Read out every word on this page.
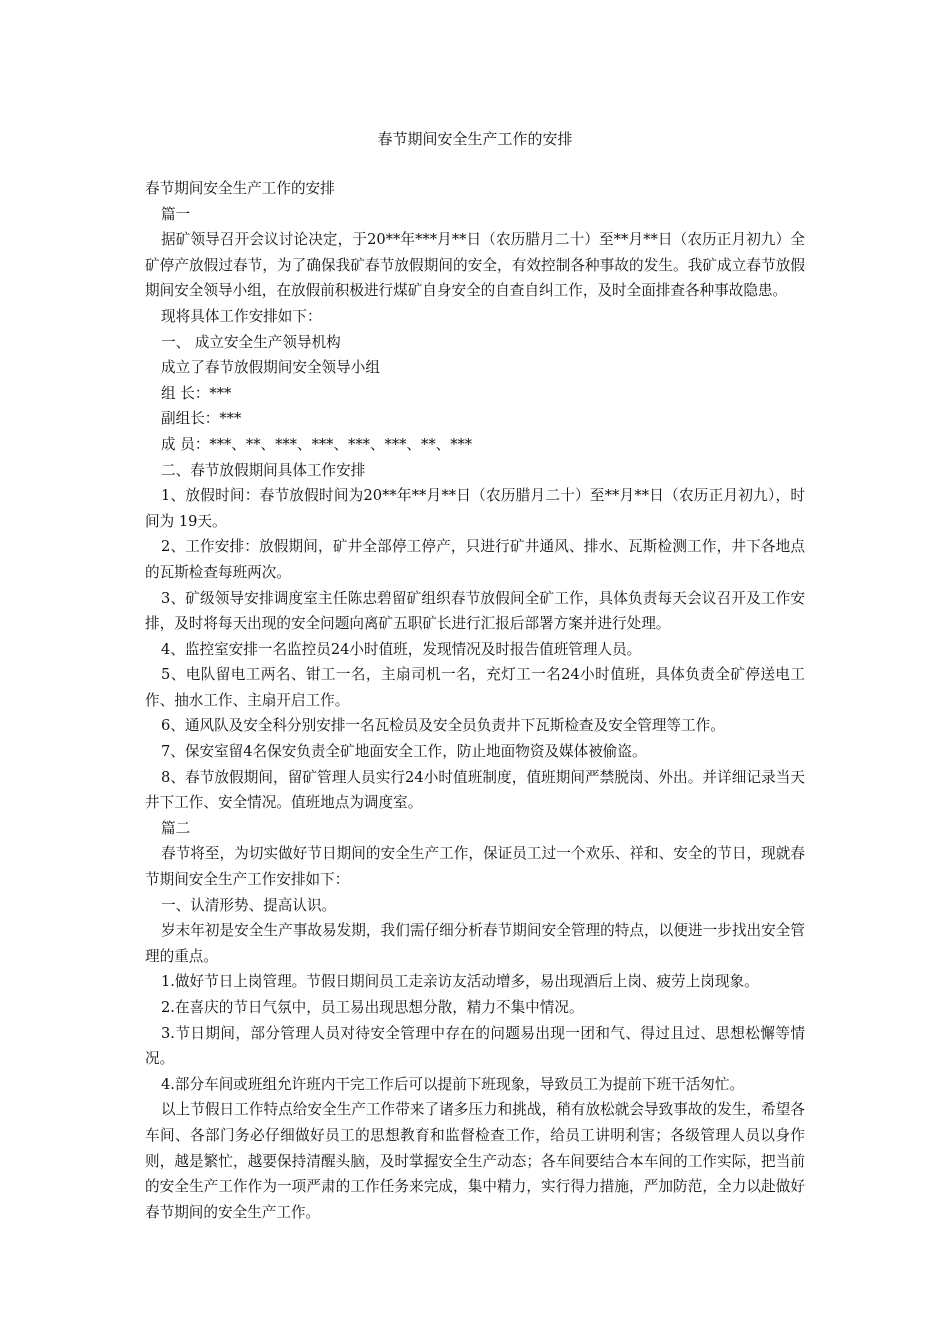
春节期间安全生产工作的安排

春节期间安全生产工作的安排

篇一

据矿领导召开会议讨论决定，于20**年***月**日（农历腊月二十）至**月**日（农历正月初九）全矿停产放假过春节，为了确保我矿春节放假期间的安全，有效控制各种事故的发生。我矿成立春节放假期间安全领导小组，在放假前积极进行煤矿自身安全的自查自纠工作，及时全面排查各种事故隐患。

现将具体工作安排如下：

一、 成立安全生产领导机构

成立了春节放假期间安全领导小组

组 长：***

副组长：***

成 员：***、**、***、***、***、***、**、***

二、春节放假期间具体工作安排

1、放假时间：春节放假时间为20**年**月**日（农历腊月二十）至**月**日（农历正月初九），时间为 19天。

2、工作安排：放假期间，矿井全部停工停产，只进行矿井通风、排水、瓦斯检测工作，井下各地点的瓦斯检查每班两次。

3、矿级领导安排调度室主任陈忠碧留矿组织春节放假间全矿工作，具体负责每天会议召开及工作安排，及时将每天出现的安全问题向离矿五职矿长进行汇报后部署方案并进行处理。

4、监控室安排一名监控员24小时值班，发现情况及时报告值班管理人员。

5、电队留电工两名、钳工一名，主扇司机一名，充灯工一名24小时值班，具体负责全矿停送电工作、抽水工作、主扇开启工作。

6、通风队及安全科分别安排一名瓦检员及安全员负责井下瓦斯检查及安全管理等工作。

7、保安室留4名保安负责全矿地面安全工作，防止地面物资及媒体被偷盗。

8、春节放假期间，留矿管理人员实行24小时值班制度，值班期间严禁脱岗、外出。并详细记录当天井下工作、安全情况。值班地点为调度室。

篇二

春节将至，为切实做好节日期间的安全生产工作，保证员工过一个欢乐、祥和、安全的节日，现就春节期间安全生产工作安排如下：

一、认清形势、提高认识。

岁末年初是安全生产事故易发期，我们需仔细分析春节期间安全管理的特点，以便进一步找出安全管理的重点。

1.做好节日上岗管理。节假日期间员工走亲访友活动增多，易出现酒后上岗、疲劳上岗现象。

2.在喜庆的节日气氛中，员工易出现思想分散，精力不集中情况。

3.节日期间，部分管理人员对待安全管理中存在的问题易出现一团和气、得过且过、思想松懈等情况。

4.部分车间或班组允许班内干完工作后可以提前下班现象，导致员工为提前下班干活匆忙。

以上节假日工作特点给安全生产工作带来了诸多压力和挑战，稍有放松就会导致事故的发生，希望各车间、各部门务必仔细做好员工的思想教育和监督检查工作，给员工讲明利害；各级管理人员以身作则，越是繁忙，越要保持清醒头脑，及时掌握安全生产动态；各车间要结合本车间的工作实际，把当前的安全生产工作作为一项严肃的工作任务来完成，集中精力，实行得力措施，严加防范，全力以赴做好春节期间的安全生产工作。
